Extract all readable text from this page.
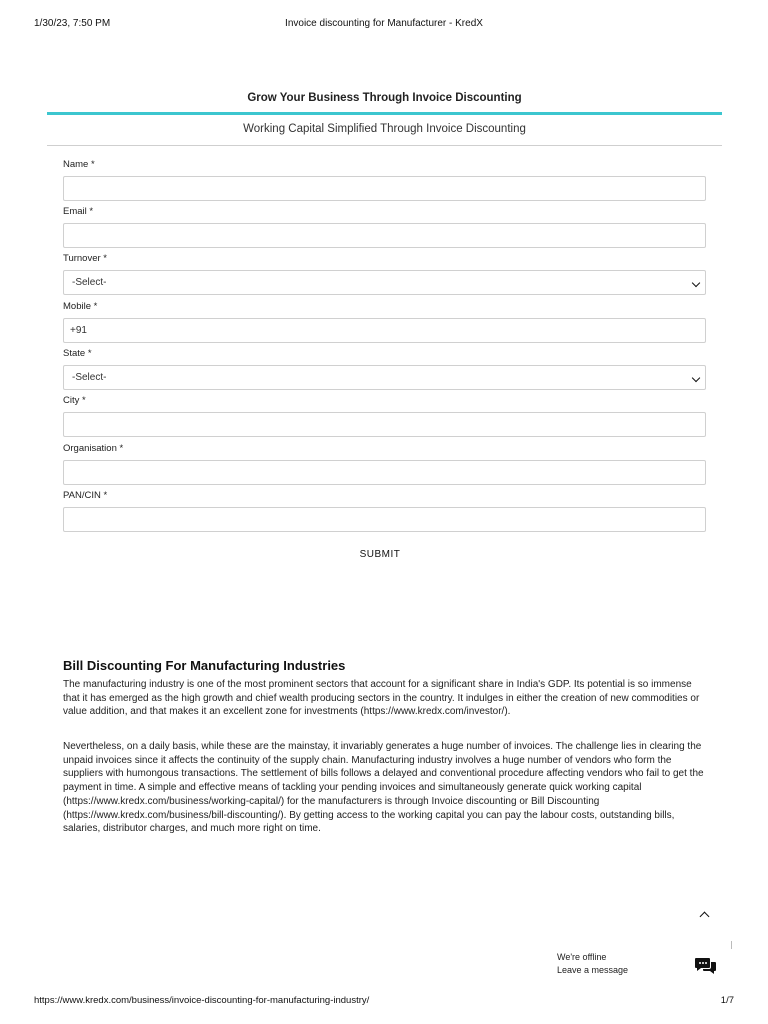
1/30/23, 7:50 PM	Invoice discounting for Manufacturer - KredX
Grow Your Business Through Invoice Discounting
Working Capital Simplified Through Invoice Discounting
Name *
Email *
Turnover *
-Select-
Mobile *
+91
State *
-Select-
City *
Organisation *
PAN/CIN *
SUBMIT
Bill Discounting For Manufacturing Industries

The manufacturing industry is one of the most prominent sectors that account for a significant share in India's GDP. Its potential is so immense that it has emerged as the high growth and chief wealth producing sectors in the country. It indulges in either the creation of new commodities or value addition, and that makes it an excellent zone for investments (https://www.kredx.com/investor/).

Nevertheless, on a daily basis, while these are the mainstay, it invariably generates a huge number of invoices. The challenge lies in clearing the unpaid invoices since it affects the continuity of the supply chain. Manufacturing industry involves a huge number of vendors who form the suppliers with humongous transactions. The settlement of bills follows a delayed and conventional procedure affecting vendors who fail to get the payment in time. A simple and effective means of tackling your pending invoices and simultaneously generate quick working capital (https://www.kredx.com/business/working-capital/) for the manufacturers is through Invoice discounting or Bill Discounting (https://www.kredx.com/business/bill-discounting/). By getting access to the working capital you can pay the labour costs, outstanding bills, salaries, distributor charges, and much more right on time.

We're offline
Leave a message
https://www.kredx.com/business/invoice-discounting-for-manufacturing-industry/	1/7
